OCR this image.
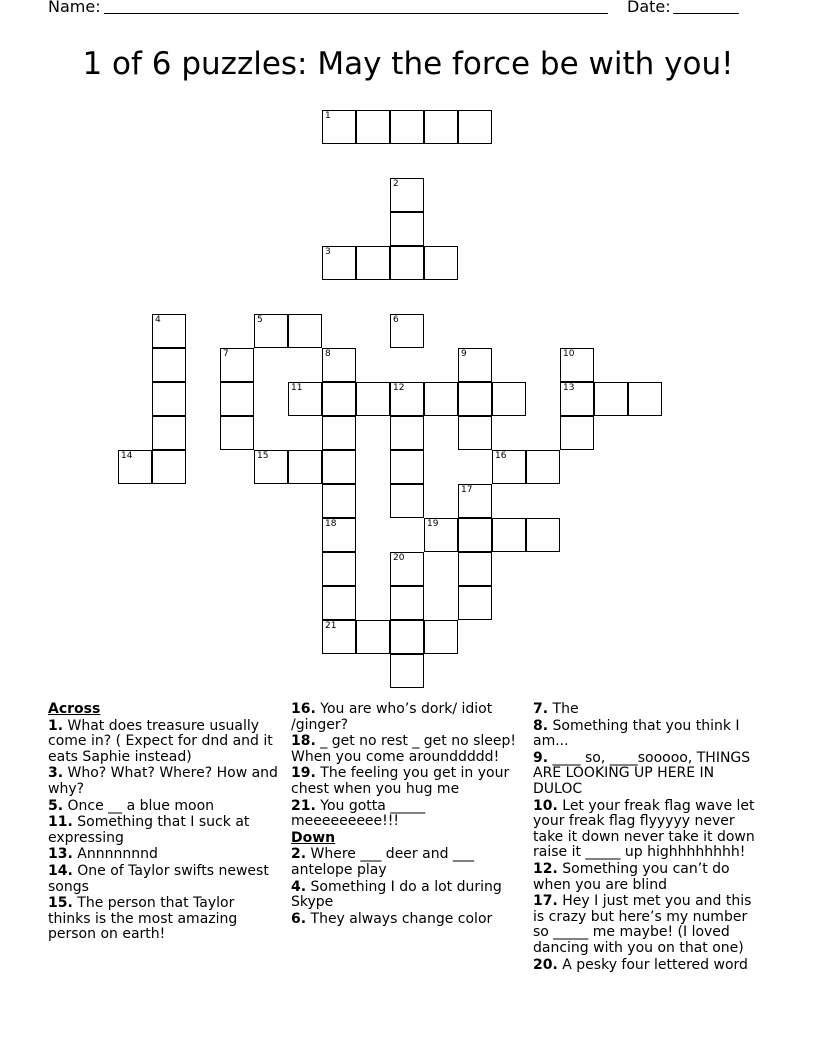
Name:	Date:
1 of 6 puzzles: May the force be with you!
1
2
3
4	5	6
7	8	9	10
11	12	13
14	15	16
17
18	19
20
21
Across
1. What does treasure usually come in? ( Expect for dnd and it eats Saphie instead)
3. Who? What? Where? How and why?
5. Once __ a blue moon
11. Something that I suck at expressing
13. Annnnnnnd
14. One of Taylor swifts newest songs
15. The person that Taylor thinks is the most amazing person on earth!
16. You are who’s dork/ idiot /ginger?
18. _ get no rest _ get no sleep! When you come arounddddd!
19. The feeling you get in your chest when you hug me
21. You gotta _____ meeeeeeeee!!!
Down
2. Where ___ deer and ___ antelope play
4. Something I do a lot during Skype
6. They always change color
7. The
8. Something that you think I am...
9. ____ so, ____sooooo, THINGS ARE LOOKING UP HERE IN DULOC
10. Let your freak flag wave let your freak flag flyyyyy never take it down never take it down raise it _____ up highhhhhhhh!
12. Something you can’t do when you are blind
17. Hey I just met you and this is crazy but here’s my number so _____ me maybe! (I loved dancing with you on that one)
20. A pesky four lettered word
